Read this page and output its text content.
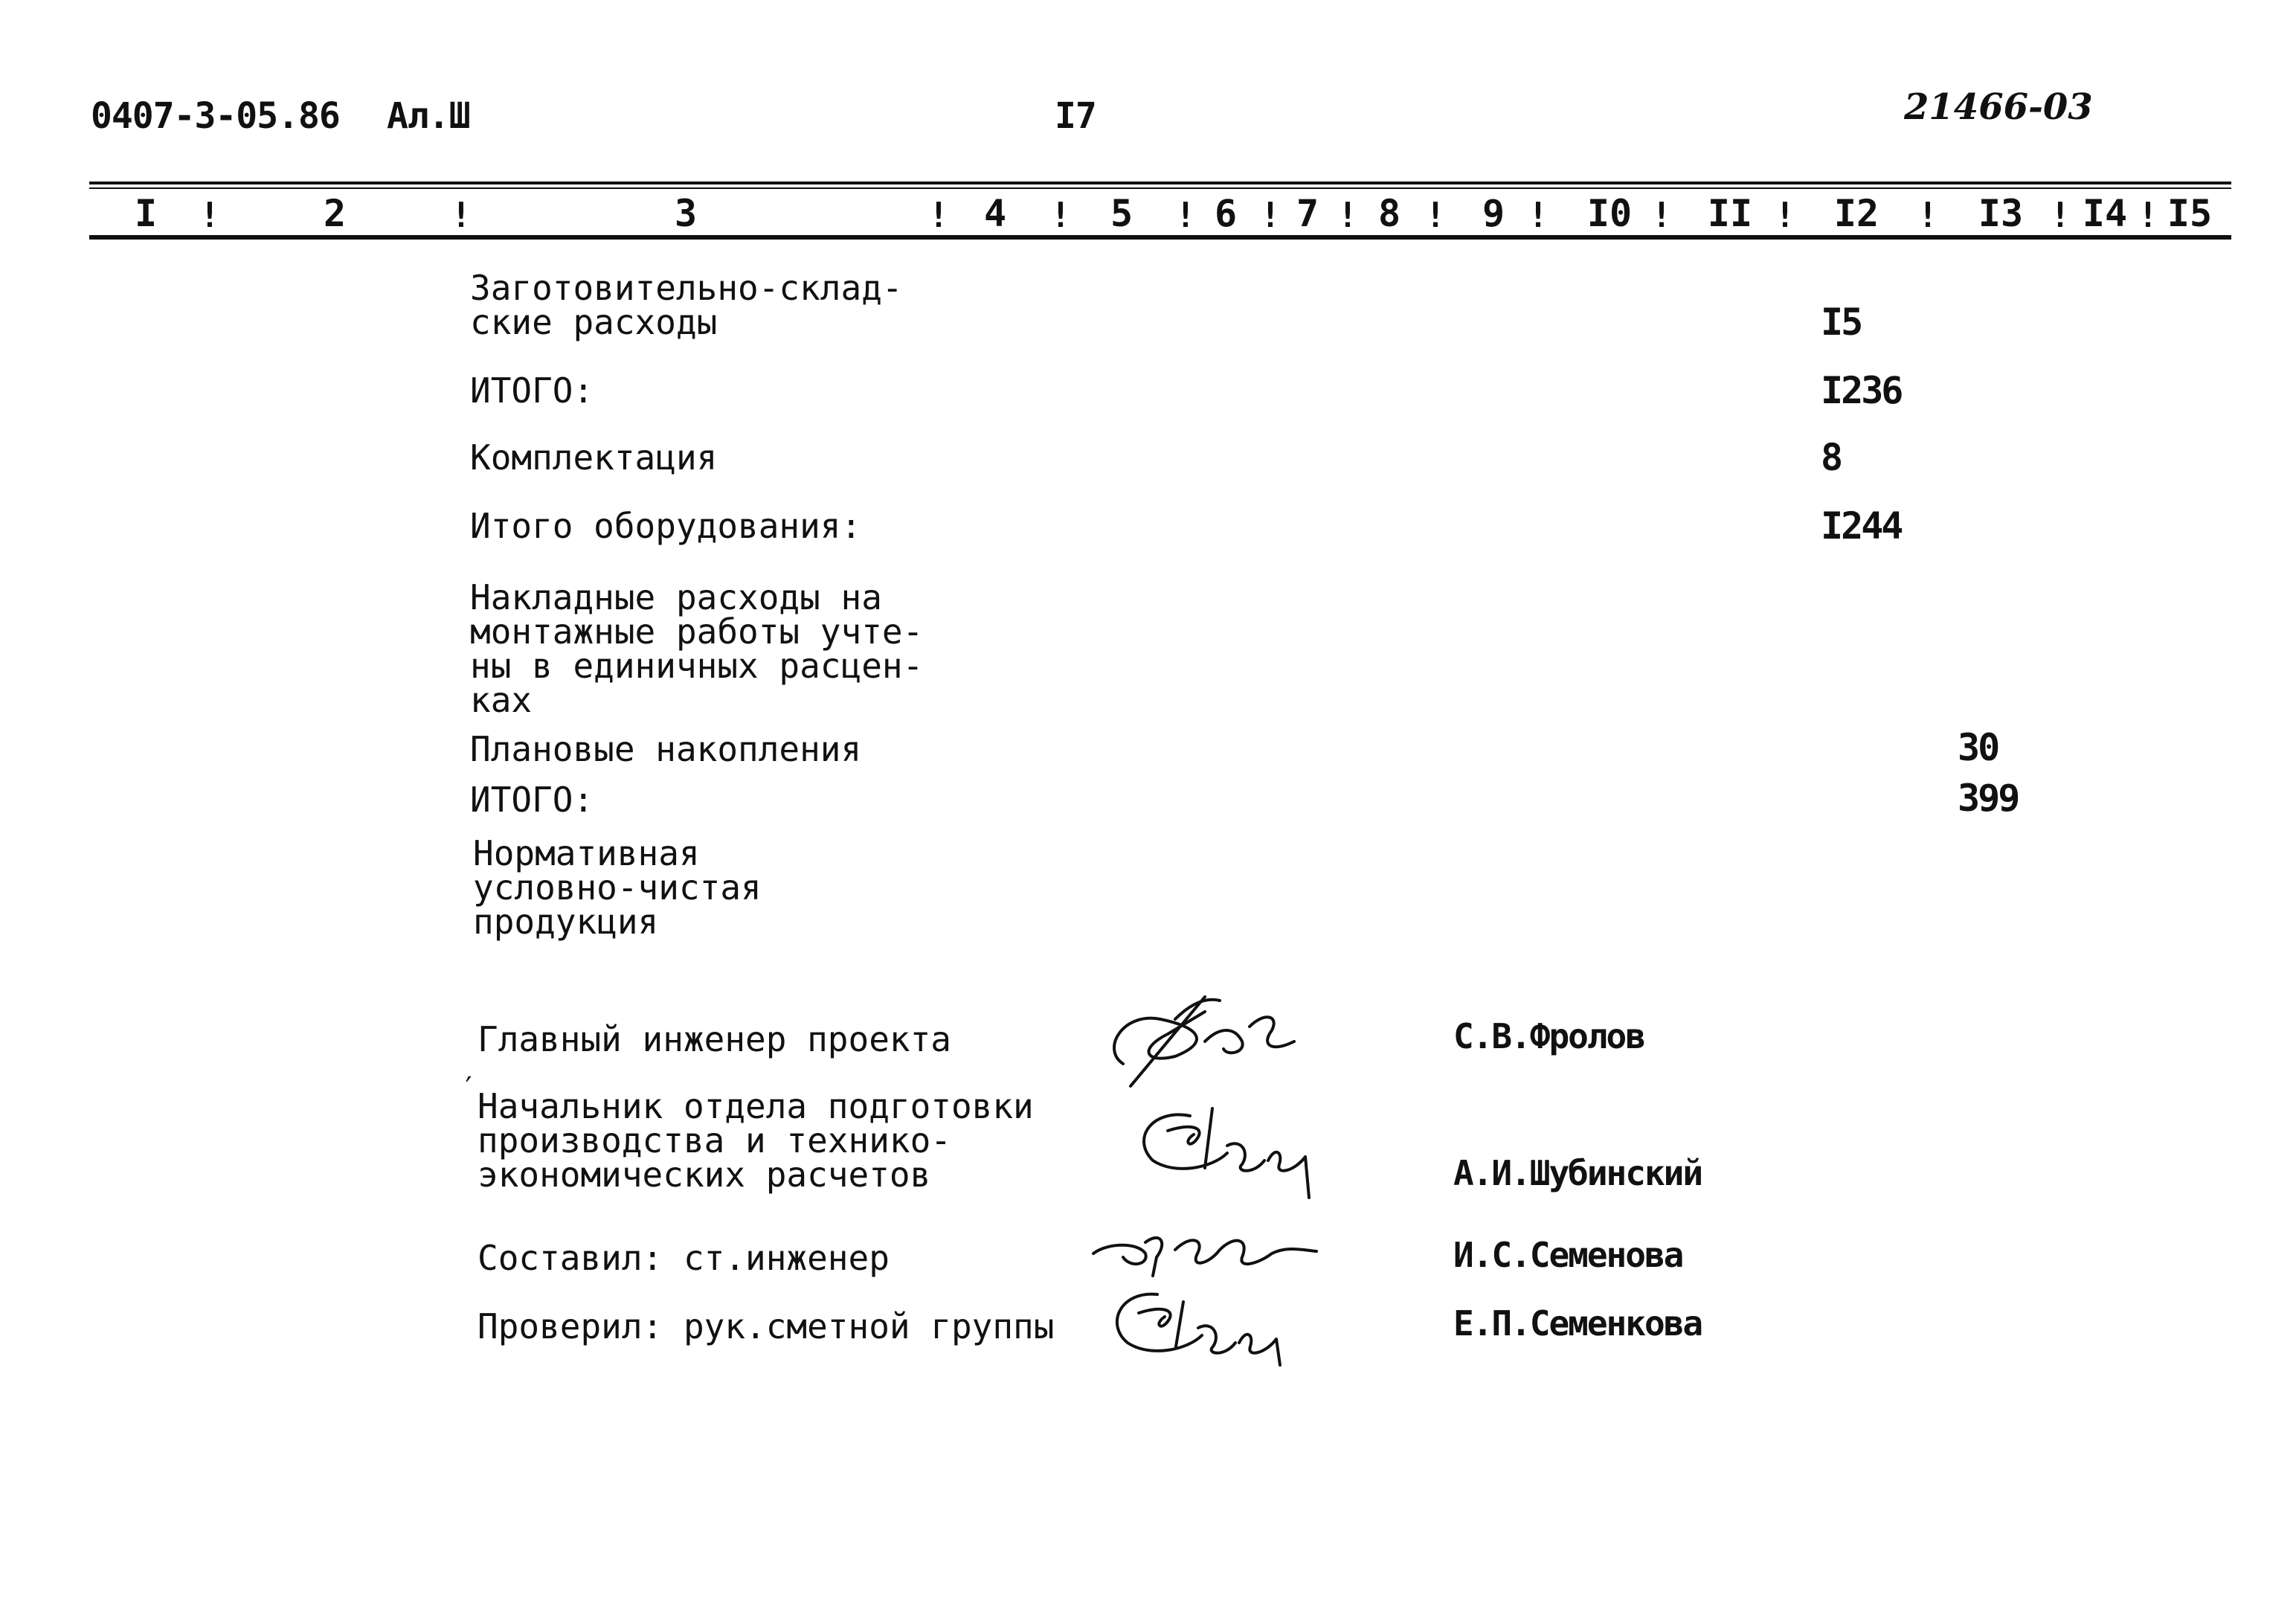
0407-3-05.86 Ал.Ш	I7	21466-03
I	2	3	4	5 6 7 8 9 I0 II I2	I3 I4 I5
!	!	!	!	! ! ! ! !	!	!	!	! !
Заготовительно-склад-
ские расходы	I5
ИТОГО:	I236
Комплектация	8
Итого оборудования:	I244
Накладные расходы на
монтажные работы учте-
ны в единичных расцен-
ках
Плановые накопления	30
ИТОГО:	399
Нормативная
условно-чистая
продукция
Главный инженер проекта	С.В.Фролов
Начальник отдела подготовки
производства и технико-
экономических расчетов
′
А.И.Шубинский
Составил: ст.инженер	И.С.Семенова
Проверил: рук.сметной группы	Е.П.Семенкова
